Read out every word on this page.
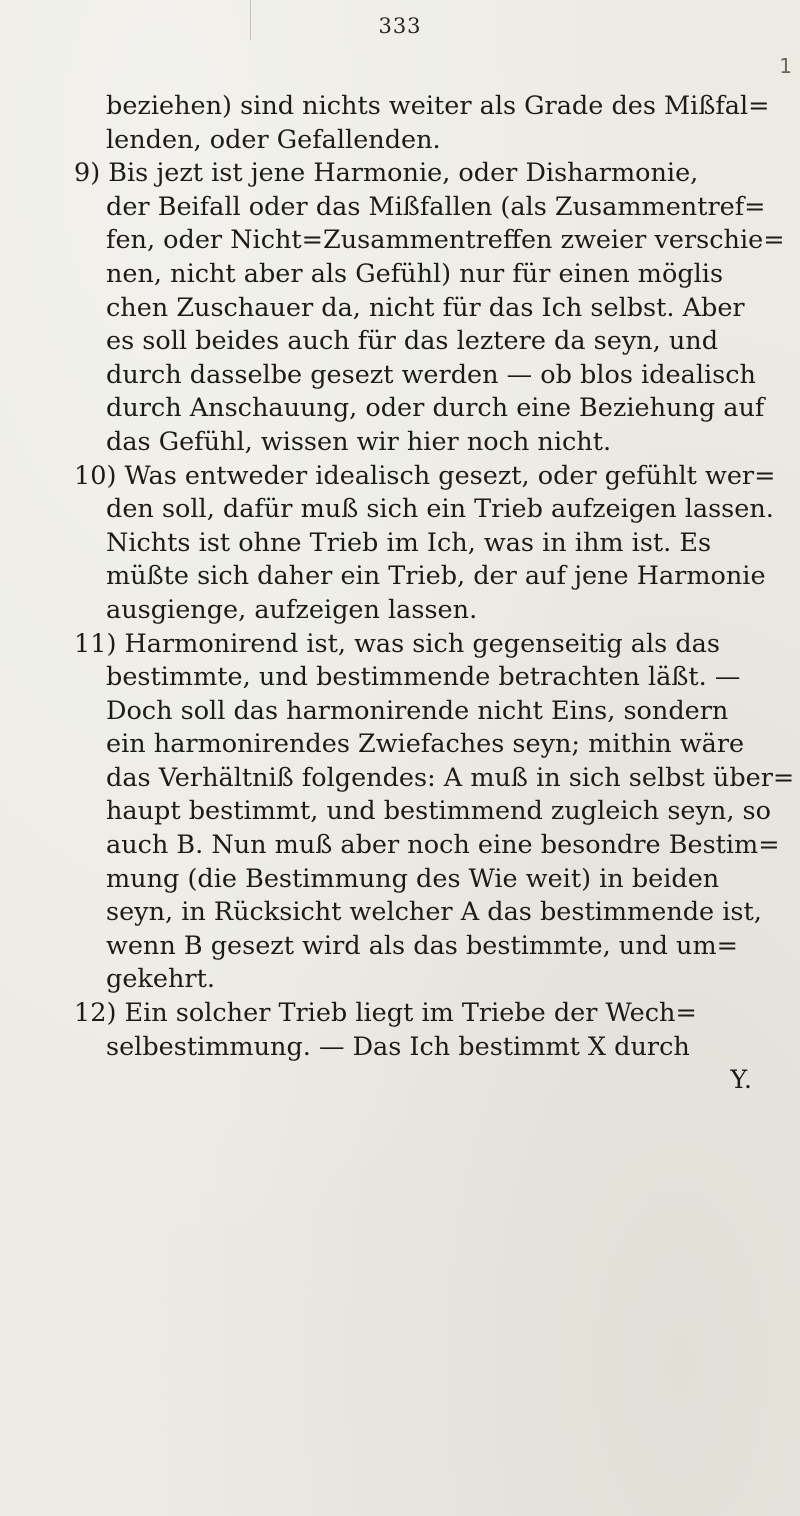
333
1
beziehen) sind nichts weiter als Grade des Mißfal=
lenden, oder Gefallenden.
9) Bis jezt ist jene Harmonie, oder Disharmonie,
der Beifall oder das Mißfallen (als Zusammentref=
fen, oder Nicht=Zusammentreffen zweier verschie=
nen, nicht aber als Gefühl) nur für einen möglis
chen Zuschauer da, nicht für das Ich selbst. Aber
es soll beides auch für das leztere da seyn, und
durch dasselbe gesezt werden — ob blos idealisch
durch Anschauung, oder durch eine Beziehung auf
das Gefühl, wissen wir hier noch nicht.
10) Was entweder idealisch gesezt, oder gefühlt wer=
den soll, dafür muß sich ein Trieb aufzeigen lassen.
Nichts ist ohne Trieb im Ich, was in ihm ist. Es
müßte sich daher ein Trieb, der auf jene Harmonie
ausgienge, aufzeigen lassen.
11) Harmonirend ist, was sich gegenseitig als das
bestimmte, und bestimmende betrachten läßt. —
Doch soll das harmonirende nicht Eins, sondern
ein harmonirendes Zwiefaches seyn; mithin wäre
das Verhältniß folgendes: A muß in sich selbst über=
haupt bestimmt, und bestimmend zugleich seyn, so
auch B. Nun muß aber noch eine besondre Bestim=
mung (die Bestimmung des Wie weit) in beiden
seyn, in Rücksicht welcher A das bestimmende ist,
wenn B gesezt wird als das bestimmte, und um=
gekehrt.
12) Ein solcher Trieb liegt im Triebe der Wech=
selbestimmung. — Das Ich bestimmt X durch
Y.
